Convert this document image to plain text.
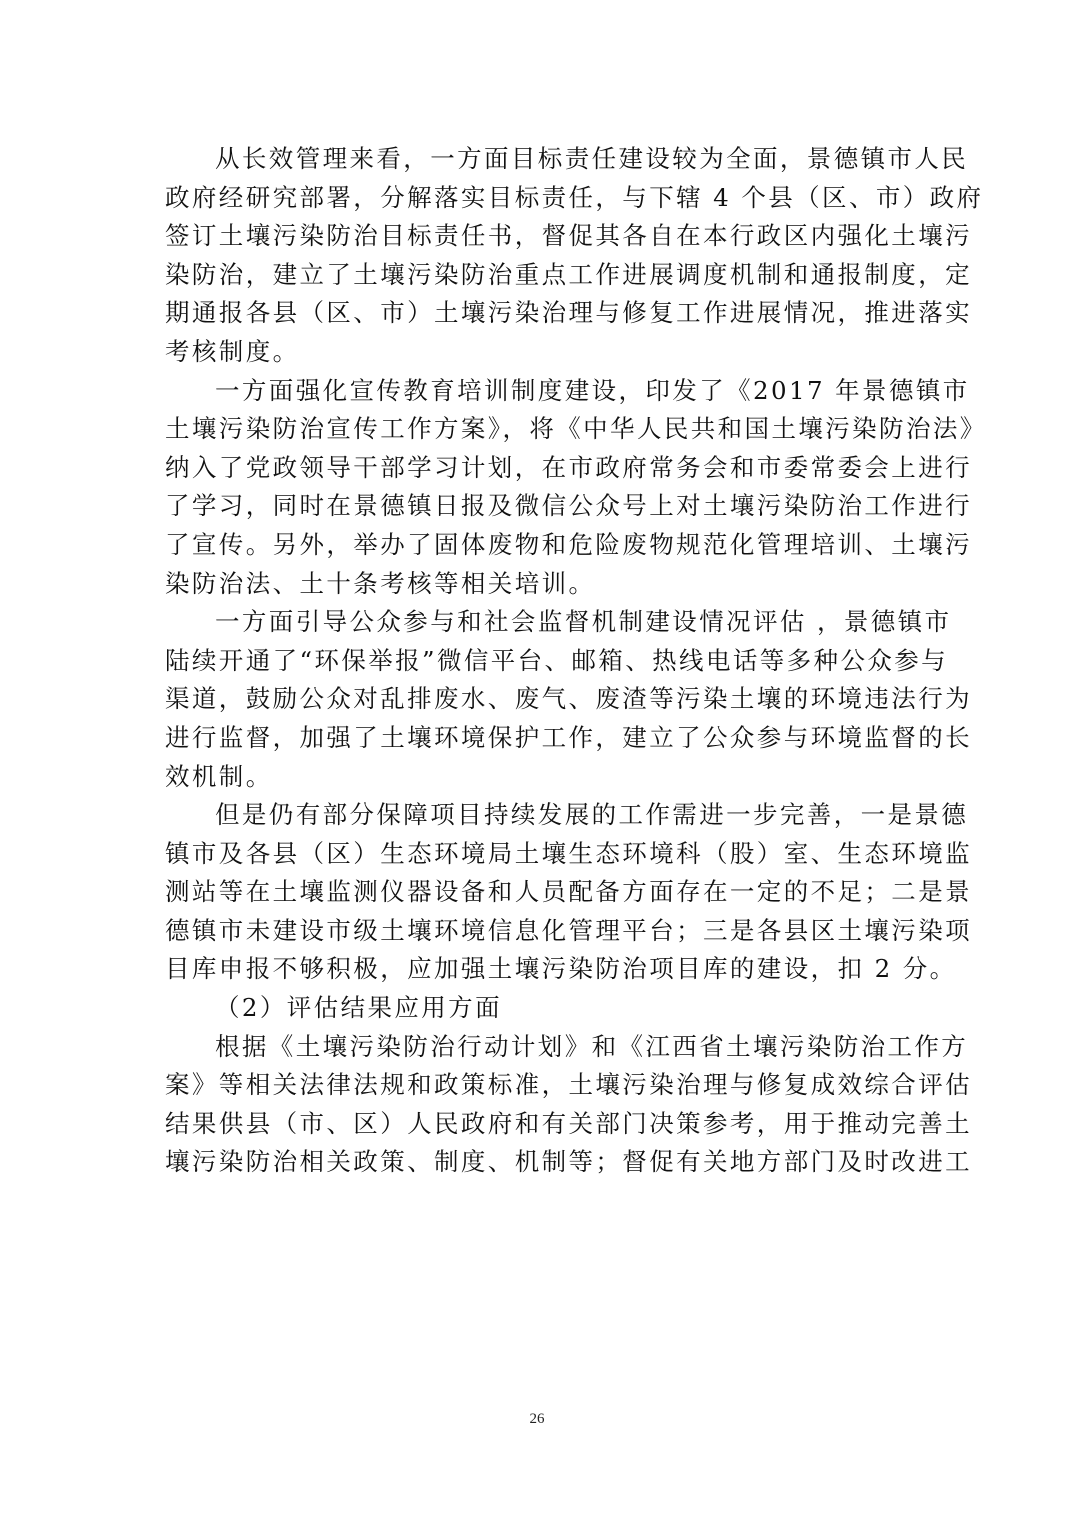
从长效管理来看，一方面目标责任建设较为全面，景德镇市人民
政府经研究部署，分解落实目标责任，与下辖 4 个县（区、市）政府
签订土壤污染防治目标责任书，督促其各自在本行政区内强化土壤污
染防治，建立了土壤污染防治重点工作进展调度机制和通报制度，定
期通报各县（区、市）土壤污染治理与修复工作进展情况，推进落实
考核制度。

一方面强化宣传教育培训制度建设，印发了《2017 年景德镇市
土壤污染防治宣传工作方案》，将《中华人民共和国土壤污染防治法》
纳入了党政领导干部学习计划，在市政府常务会和市委常委会上进行
了学习，同时在景德镇日报及微信公众号上对土壤污染防治工作进行
了宣传。另外，举办了固体废物和危险废物规范化管理培训、土壤污
染防治法、土十条考核等相关培训。

一方面引导公众参与和社会监督机制建设情况评估 ，景德镇市
陆续开通了“环保举报”微信平台、邮箱、热线电话等多种公众参与
渠道，鼓励公众对乱排废水、废气、废渣等污染土壤的环境违法行为
进行监督，加强了土壤环境保护工作，建立了公众参与环境监督的长
效机制。

但是仍有部分保障项目持续发展的工作需进一步完善，一是景德
镇市及各县（区）生态环境局土壤生态环境科（股）室、生态环境监
测站等在土壤监测仪器设备和人员配备方面存在一定的不足；二是景
德镇市未建设市级土壤环境信息化管理平台；三是各县区土壤污染项
目库申报不够积极，应加强土壤污染防治项目库的建设，扣 2 分。

（2）评估结果应用方面

根据《土壤污染防治行动计划》和《江西省土壤污染防治工作方
案》等相关法律法规和政策标准，土壤污染治理与修复成效综合评估
结果供县（市、区）人民政府和有关部门决策参考，用于推动完善土
壤污染防治相关政策、制度、机制等；督促有关地方部门及时改进工

26
